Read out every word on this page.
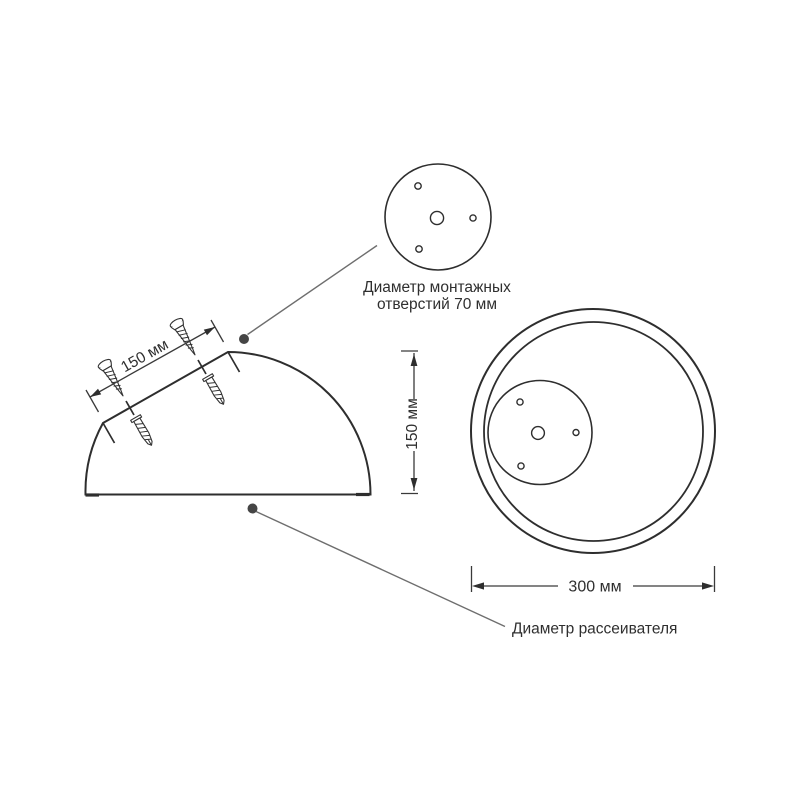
Диаметр монтажных
отверстий 70 мм
150 мм
150 мм
300 мм
Диаметр рассеивателя
